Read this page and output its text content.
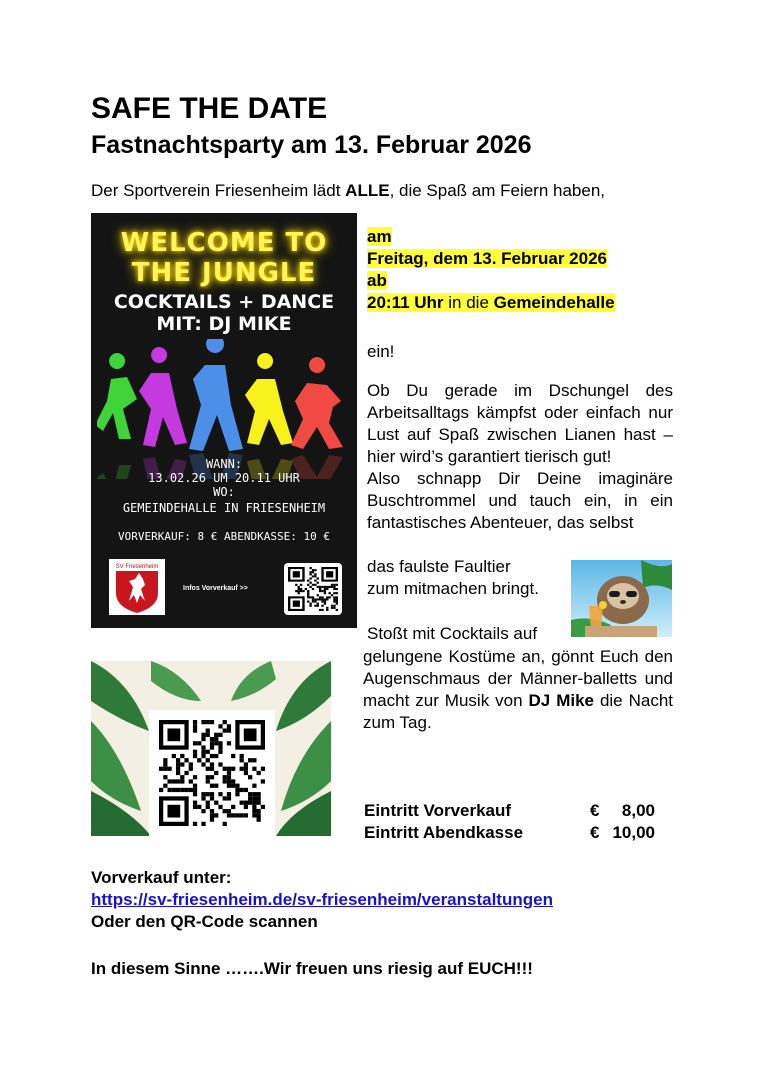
SAFE THE DATE
Fastnachtsparty am 13. Februar 2026
Der Sportverein Friesenheim lädt ALLE, die Spaß am Feiern haben,
WELCOME TO
THE JUNGLE
COCKTAILS + DANCE
MIT: DJ MIKE
WANN:
13.02.26 UM 20.11 UHR
WO:
GEMEINDEHALLE IN FRIESENHEIM
VORVERKAUF: 8 € ABENDKASSE: 10 €
SV Friesenheim
Infos Vorverkauf >>
am
Freitag, dem 13. Februar 2026
ab
20:11 Uhr in die Gemeindehalle
ein!
Ob Du gerade im Dschungel des Arbeitsalltags kämpfst oder einfach nur Lust auf Spaß zwischen Lianen hast – hier wird’s garantiert tierisch gut!
Also schnapp Dir Deine imaginäre Buschtrommel und tauch ein, in ein fantastisches Abenteuer, das selbst
das faulste Faultier
zum mitmachen bringt.
Stoßt mit Cocktails auf
gelungene Kostüme an, gönnt Euch den Augenschmaus der Männer-balletts und macht zur Musik von DJ Mike die Nacht zum Tag.
Eintritt Vorverkauf	€ 8,00
Eintritt Abendkasse	€ 10,00
Vorverkauf unter:
https://sv-friesenheim.de/sv-friesenheim/veranstaltungen
Oder den QR-Code scannen
In diesem Sinne …….Wir freuen uns riesig auf EUCH!!!
